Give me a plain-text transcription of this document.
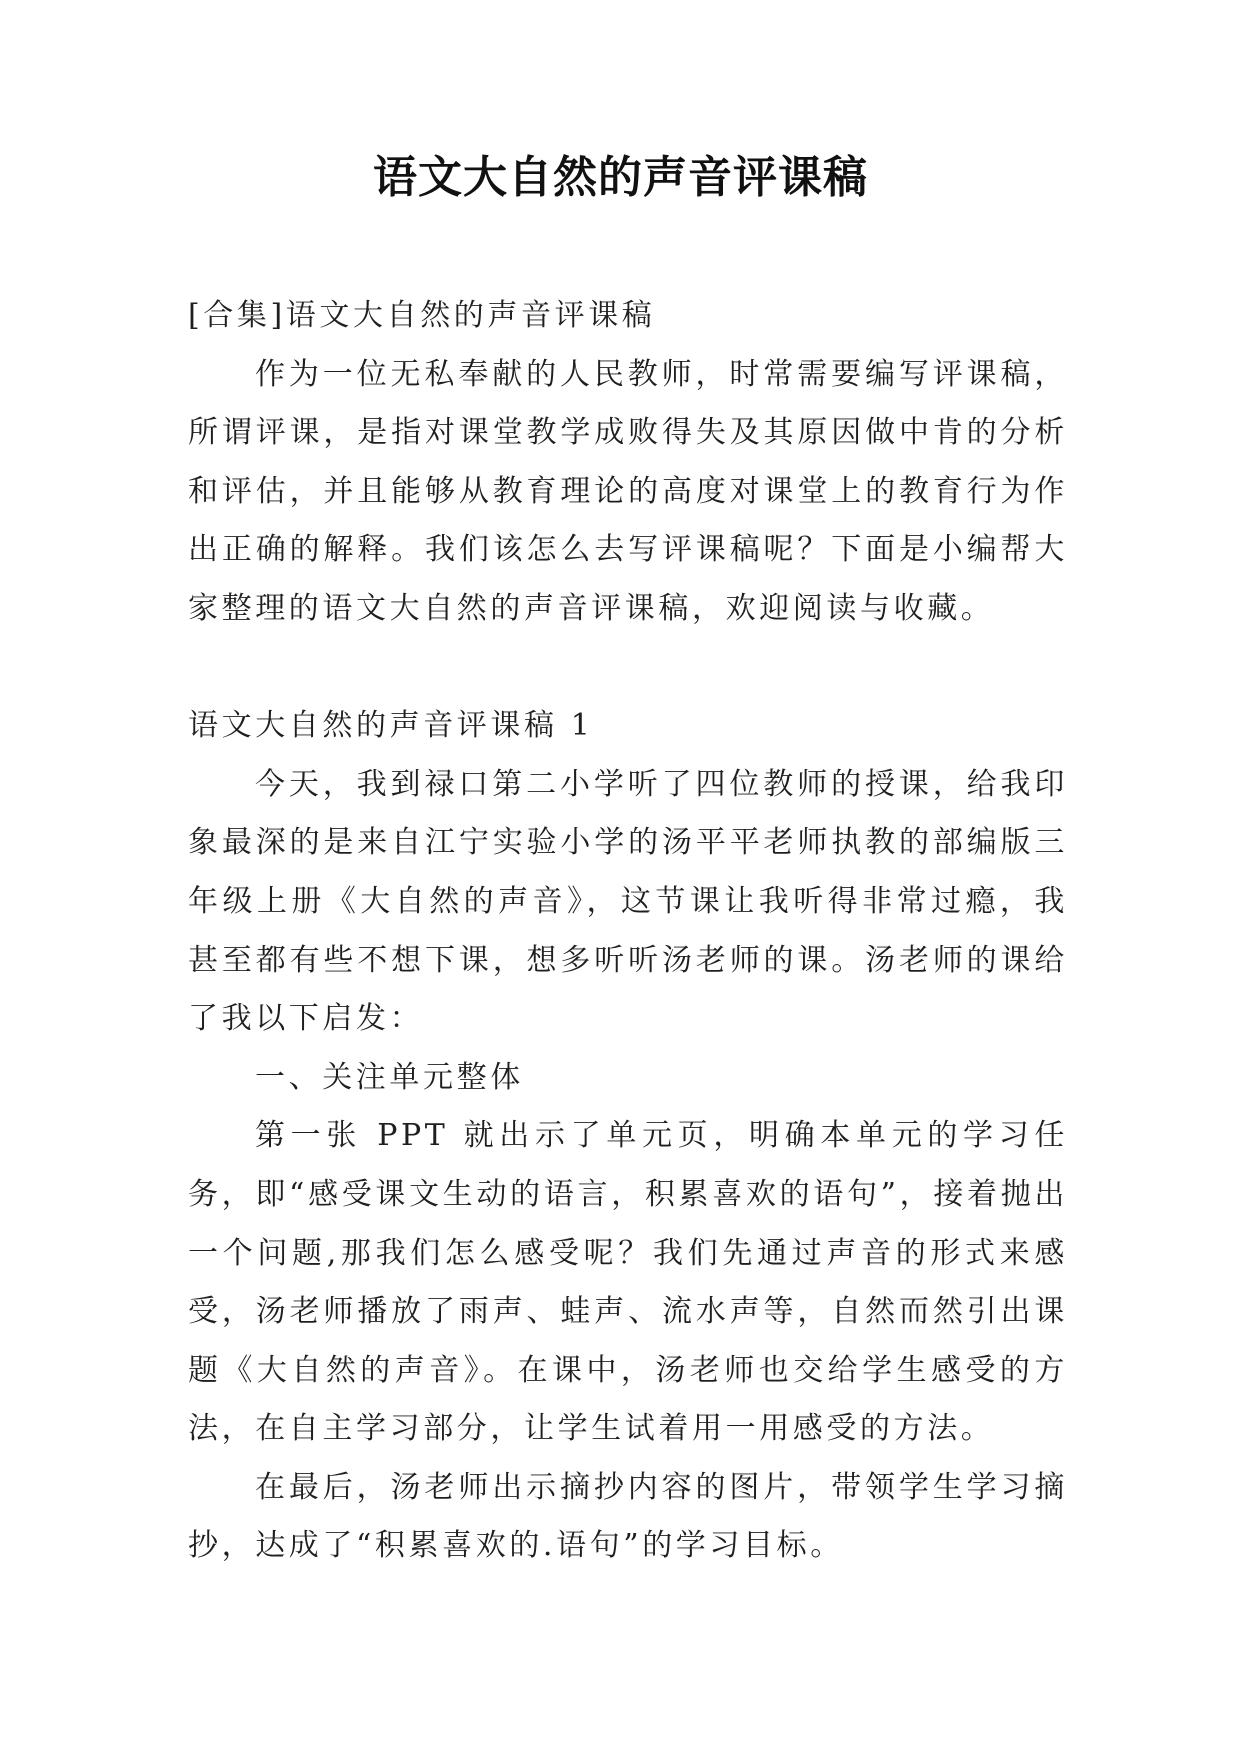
语文大自然的声音评课稿

[合集]语文大自然的声音评课稿

作为一位无私奉献的人民教师，时常需要编写评课稿，所谓评课，是指对课堂教学成败得失及其原因做中肯的分析和评估，并且能够从教育理论的高度对课堂上的教育行为作出正确的解释。我们该怎么去写评课稿呢？下面是小编帮大家整理的语文大自然的声音评课稿，欢迎阅读与收藏。

语文大自然的声音评课稿 1

今天，我到禄口第二小学听了四位教师的授课，给我印象最深的是来自江宁实验小学的汤平平老师执教的部编版三年级上册《大自然的声音》，这节课让我听得非常过瘾，我甚至都有些不想下课，想多听听汤老师的课。汤老师的课给了我以下启发：

一、关注单元整体

第一张 PPT 就出示了单元页，明确本单元的学习任务，即“感受课文生动的语言，积累喜欢的语句”，接着抛出一个问题,那我们怎么感受呢？我们先通过声音的形式来感受，汤老师播放了雨声、蛙声、流水声等，自然而然引出课题《大自然的声音》。在课中，汤老师也交给学生感受的方法，在自主学习部分，让学生试着用一用感受的方法。

在最后，汤老师出示摘抄内容的图片，带领学生学习摘抄，达成了“积累喜欢的.语句”的学习目标。
